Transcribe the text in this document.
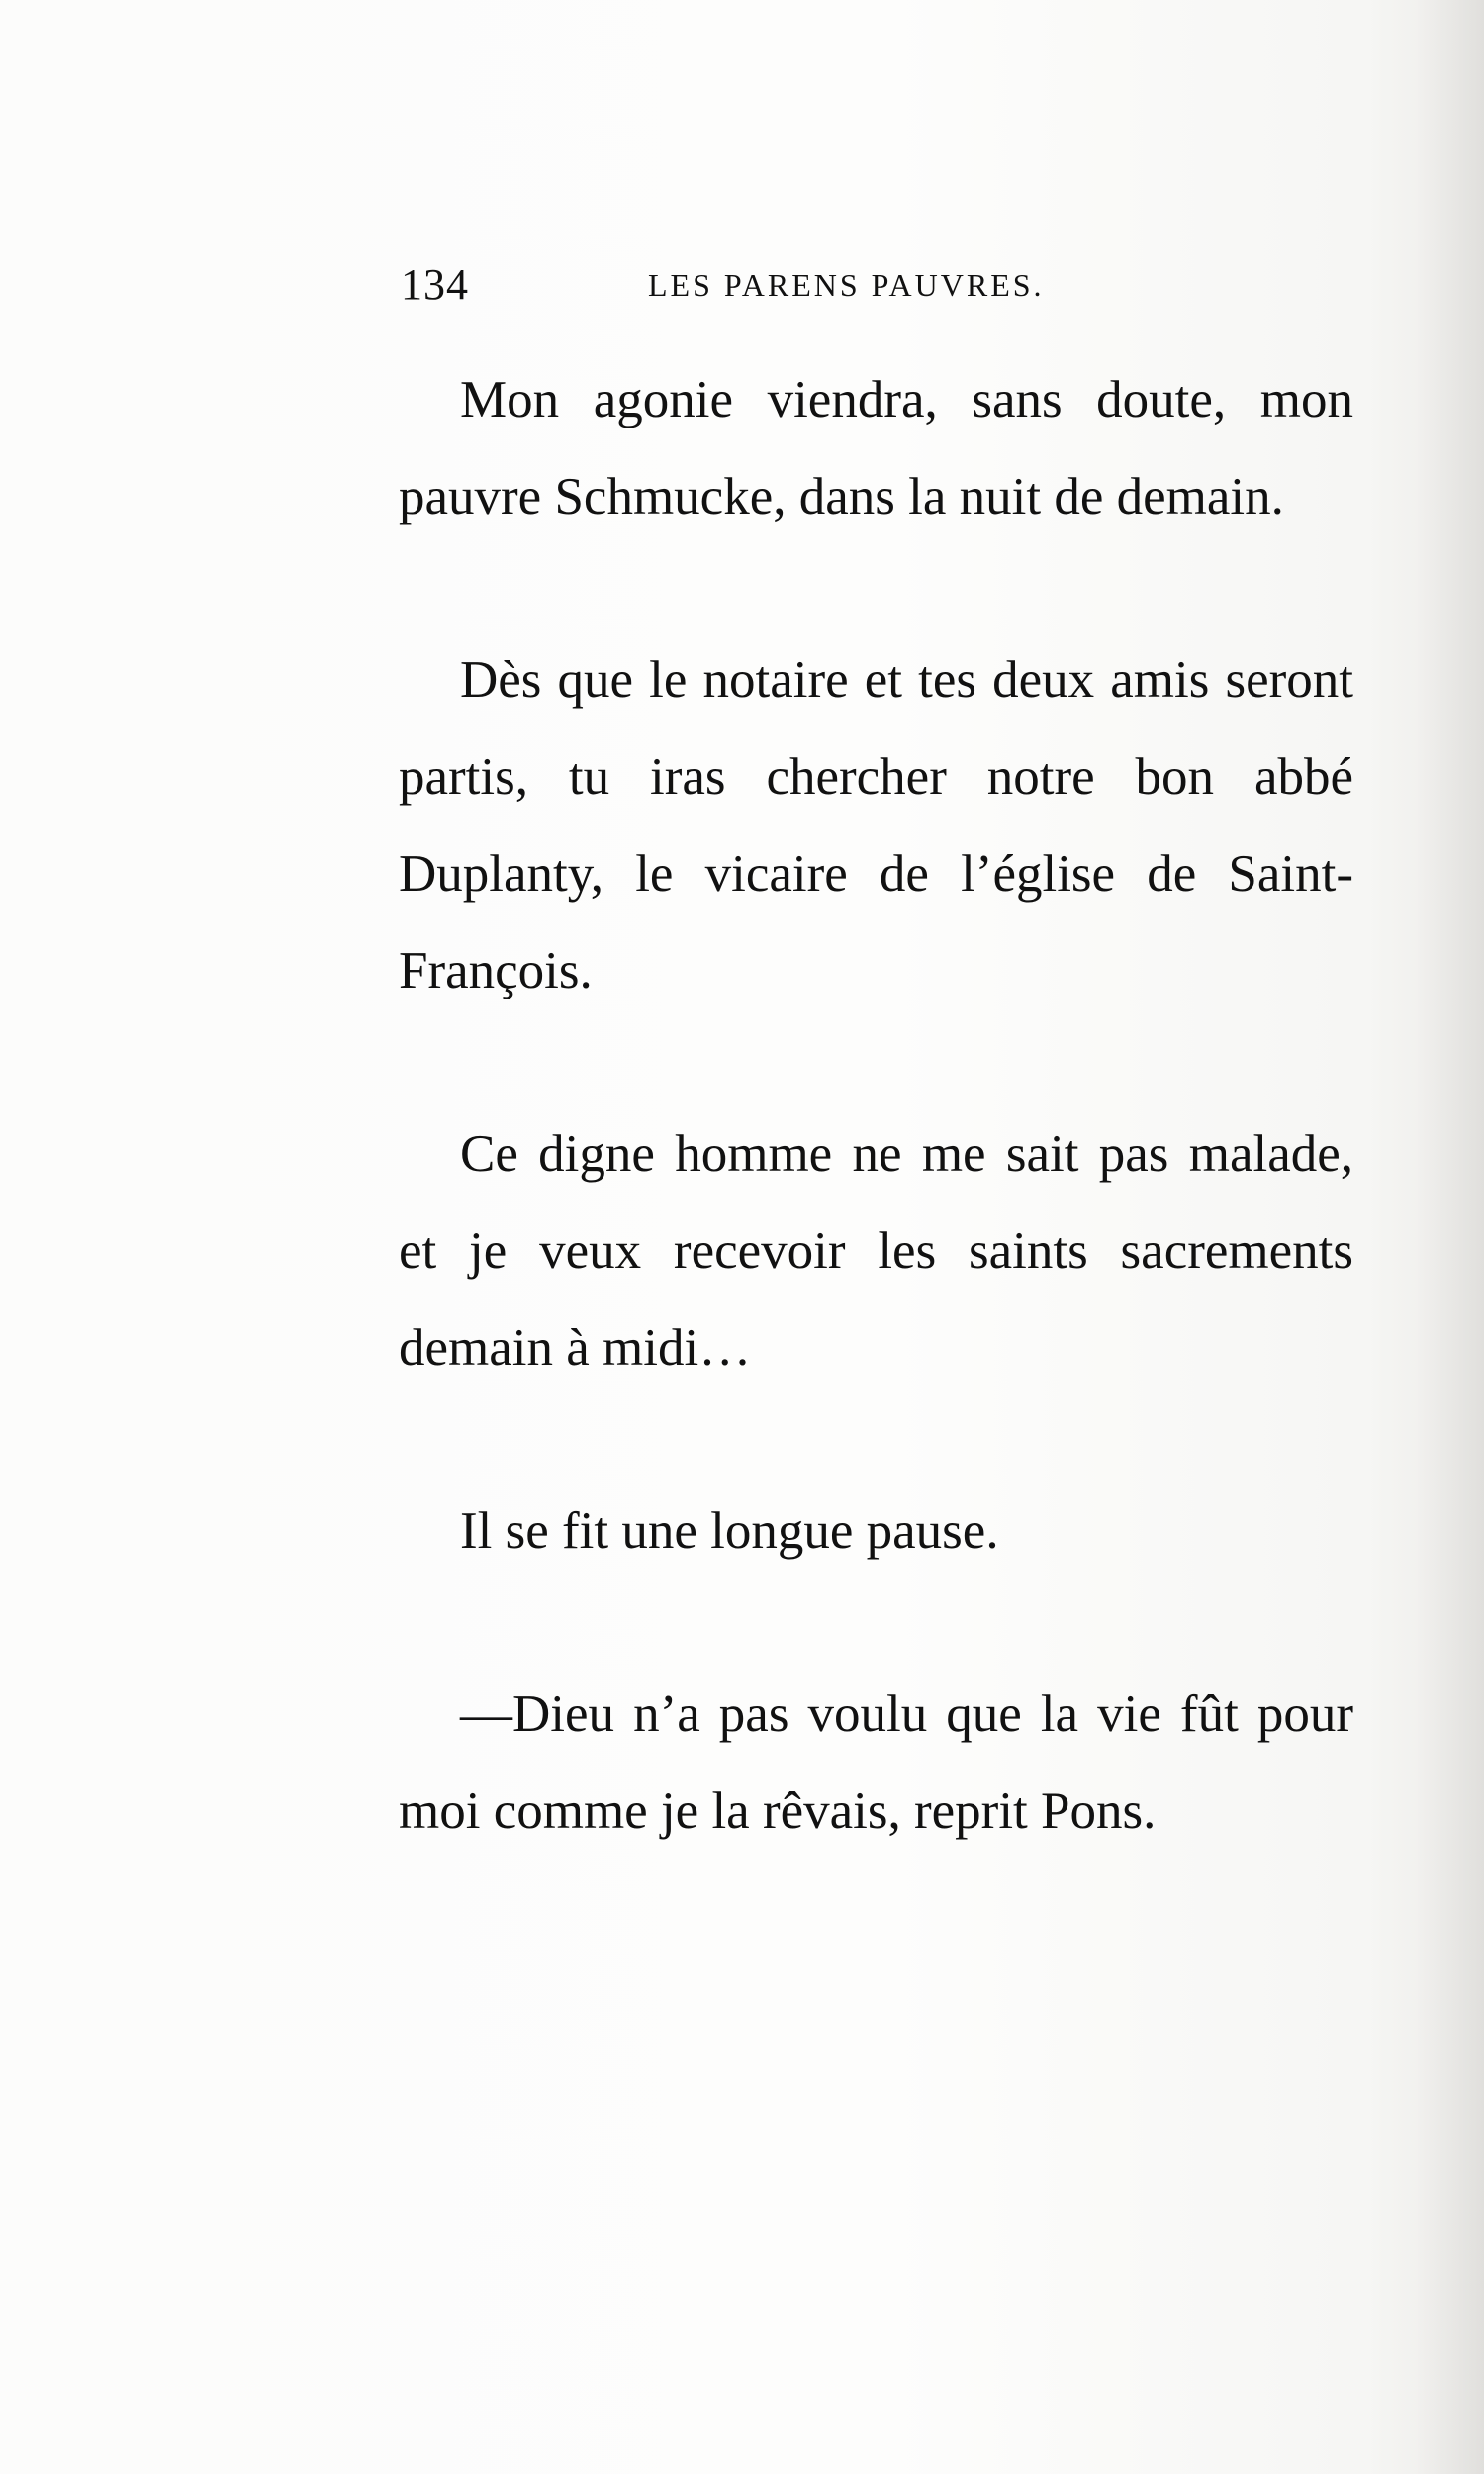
134	LES PARENS PAUVRES.

Mon agonie viendra, sans doute, mon pauvre Schmucke, dans la nuit de demain.

Dès que le notaire et tes deux amis seront partis, tu iras chercher notre bon abbé Duplanty, le vicaire de l’église de Saint-François.

Ce digne homme ne me sait pas malade, et je veux recevoir les saints sacrements demain à midi…

Il se fit une longue pause.

—Dieu n’a pas voulu que la vie fût pour moi comme je la rêvais, reprit Pons.
